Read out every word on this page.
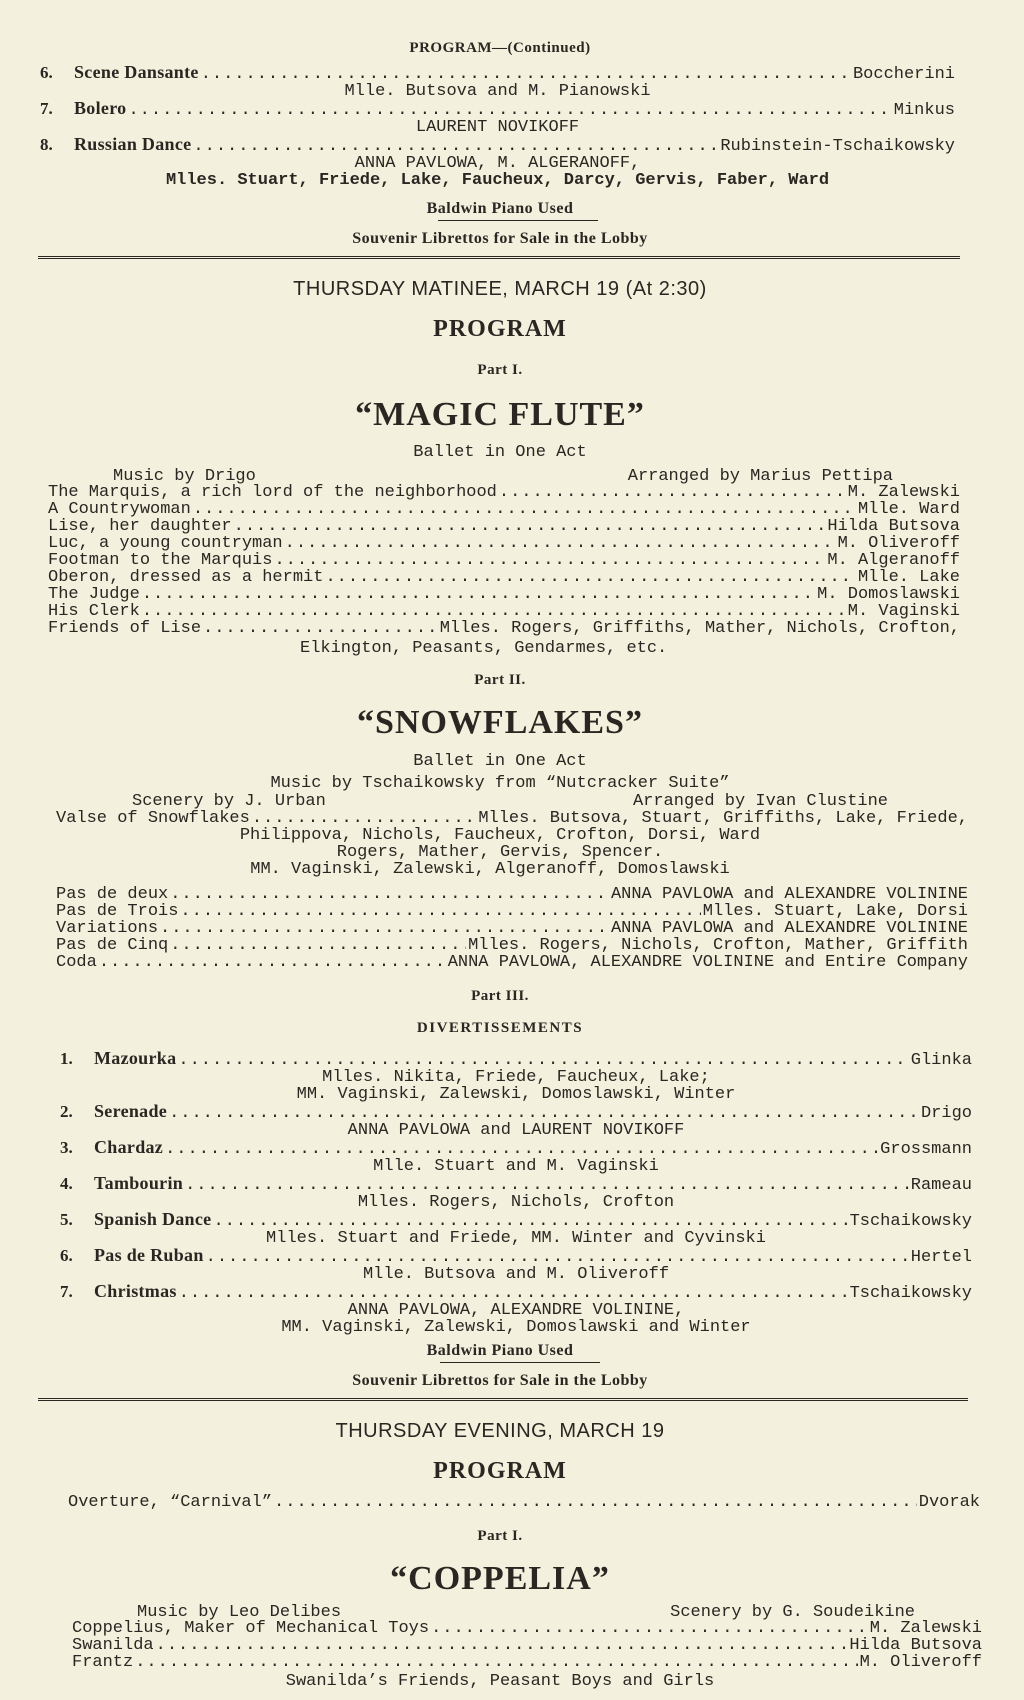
PROGRAM—(Continued)
6.	Scene Dansante .....	Boccherini
Mlle. Butsova and M. Pianowski
7.	Bolero .....	Minkus
LAURENT NOVIKOFF
8.	Russian Dance .....	Rubinstein-Tschaikowsky
ANNA PAVLOWA, M. ALGERANOFF,
Mlles. Stuart, Friede, Lake, Faucheux, Darcy, Gervis, Faber, Ward
Baldwin Piano Used
Souvenir Librettos for Sale in the Lobby
THURSDAY MATINEE, MARCH 19 (At 2:30)
PROGRAM
Part I.
“MAGIC FLUTE”
Ballet in One Act
Music by Drigo	Arranged by Marius Pettipa
The Marquis, a rich lord of the neighborhood .....	M. Zalewski
A Countrywoman .....	Mlle. Ward
Lise, her daughter .....	Hilda Butsova
Luc, a young countryman .....	M. Oliveroff
Footman to the Marquis .....	M. Algeranoff
Oberon, dressed as a hermit .....	Mlle. Lake
The Judge .....	M. Domoslawski
His Clerk .....	M. Vaginski
Friends of Lise .....	Mlles. Rogers, Griffiths, Mather, Nichols, Crofton,
Elkington, Peasants, Gendarmes, etc.
Part II.
“SNOWFLAKES”
Ballet in One Act
Music by Tschaikowsky from “Nutcracker Suite”
Scenery by J. Urban	Arranged by Ivan Clustine
Valse of Snowflakes .....	Mlles. Butsova, Stuart, Griffiths, Lake, Friede,
Philippova, Nichols, Faucheux, Crofton, Dorsi, Ward
Rogers, Mather, Gervis, Spencer.
MM. Vaginski, Zalewski, Algeranoff, Domoslawski
Pas de deux .....	ANNA PAVLOWA and ALEXANDRE VOLININE
Pas de Trois .....	Mlles. Stuart, Lake, Dorsi
Variations .....	ANNA PAVLOWA and ALEXANDRE VOLININE
Pas de Cinq .....	Mlles. Rogers, Nichols, Crofton, Mather, Griffith
Coda .....	ANNA PAVLOWA, ALEXANDRE VOLININE and Entire Company
Part III.
DIVERTISSEMENTS
1.	Mazourka .....	Glinka
Mlles. Nikita, Friede, Faucheux, Lake;
MM. Vaginski, Zalewski, Domoslawski, Winter
2.	Serenade .....	Drigo
ANNA PAVLOWA and LAURENT NOVIKOFF
3.	Chardaz .....	Grossmann
Mlle. Stuart and M. Vaginski
4.	Tambourin .....	Rameau
Mlles. Rogers, Nichols, Crofton
5.	Spanish Dance .....	Tschaikowsky
Mlles. Stuart and Friede, MM. Winter and Cyvinski
6.	Pas de Ruban .....	Hertel
Mlle. Butsova and M. Oliveroff
7.	Christmas .....	Tschaikowsky
ANNA PAVLOWA, ALEXANDRE VOLININE,
MM. Vaginski, Zalewski, Domoslawski and Winter
Baldwin Piano Used
Souvenir Librettos for Sale in the Lobby
THURSDAY EVENING, MARCH 19
PROGRAM
Overture, “Carnival” .....	Dvorak
Part I.
“COPPELIA”
Music by Leo Delibes	Scenery by G. Soudeikine
Coppelius, Maker of Mechanical Toys .....	M. Zalewski
Swanilda .....	Hilda Butsova
Frantz .....	M. Oliveroff
Swanilda’s Friends, Peasant Boys and Girls
